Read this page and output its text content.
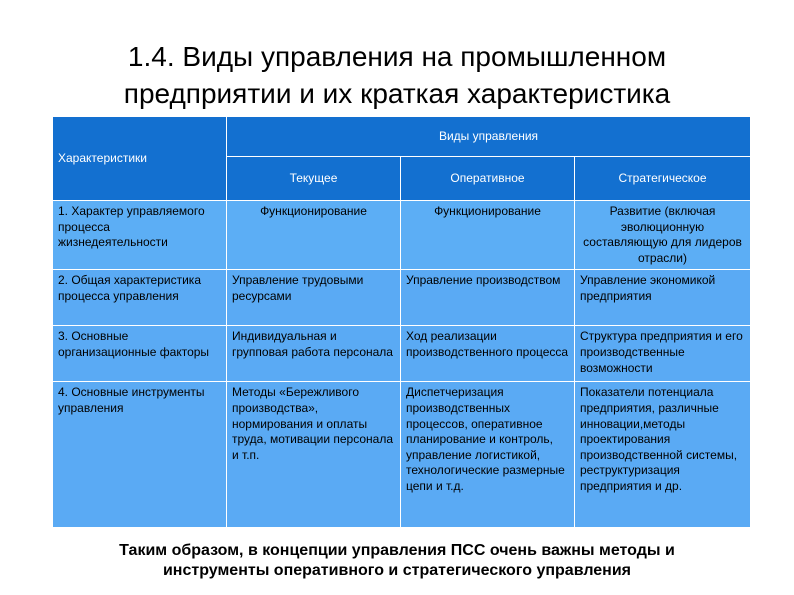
1.4. Виды управления на промышленном
предприятии и их краткая характеристика
Характеристики	Виды управления		
	Текущее	Оперативное	Стратегическое
1. Характер управляемого процесса жизнедеятельности	Функционирование	Функционирование	Развитие (включая эволюционную составляющую для лидеров отрасли)
2. Общая характеристика процесса управления	Управление трудовыми ресурсами	Управление производством	Управление экономикой предприятия
3. Основные организационные факторы	Индивидуальная и групповая работа персонала	Ход реализации производственного процесса	Структура предприятия и его производственные возможности
4. Основные инструменты управления	Методы «Бережливого производства», нормирования и оплаты труда, мотивации персонала и т.п.	Диспетчеризация производственных процессов, оперативное планирование и контроль, управление логистикой, технологические размерные цепи и т.д.	Показатели потенциала предприятия, различные инновации,методы проектирования производственной системы, реструктуризация предприятия и др.
Таким образом, в концепции управления ПСС очень важны методы и
инструменты оперативного и стратегического управления
